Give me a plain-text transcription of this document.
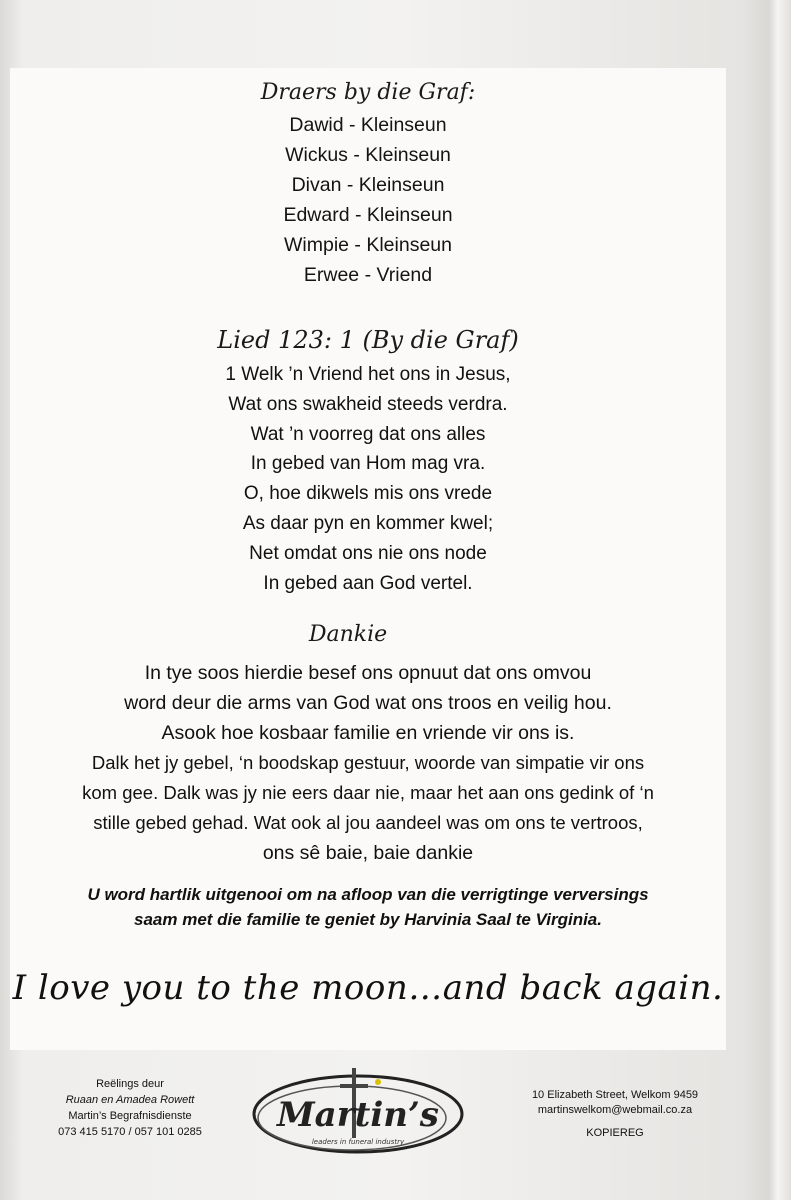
Draers by die Graf:
Dawid - Kleinseun
Wickus - Kleinseun
Divan - Kleinseun
Edward - Kleinseun
Wimpie - Kleinseun
Erwee - Vriend
Lied 123: 1 (By die Graf)
1 Welk ’n Vriend het ons in Jesus,
Wat ons swakheid steeds verdra.
Wat ’n voorreg dat ons alles
In gebed van Hom mag vra.
O, hoe dikwels mis ons vrede
As daar pyn en kommer kwel;
Net omdat ons nie ons node
In gebed aan God vertel.
Dankie
In tye soos hierdie besef ons opnuut dat ons omvou
word deur die arms van God wat ons troos en veilig hou.
Asook hoe kosbaar familie en vriende vir ons is.
Dalk het jy gebel, ‘n boodskap gestuur, woorde van simpatie vir ons
kom gee. Dalk was jy nie eers daar nie, maar het aan ons gedink of ‘n
stille gebed gehad. Wat ook al jou aandeel was om ons te vertroos,
ons sê baie, baie dankie
U word hartlik uitgenooi om na afloop van die verrigtinge verversings
saam met die familie te geniet by Harvinia Saal te Virginia.
I love you to the moon…and back again.
Reëlings deur
Ruaan en Amadea Rowett
Martin’s Begrafnisdienste
073 415 5170 / 057 101 0285	Martin’s
leaders in funeral industry
10 Elizabeth Street, Welkom 9459
martinswelkom@webmail.co.za
KOPIEREG
